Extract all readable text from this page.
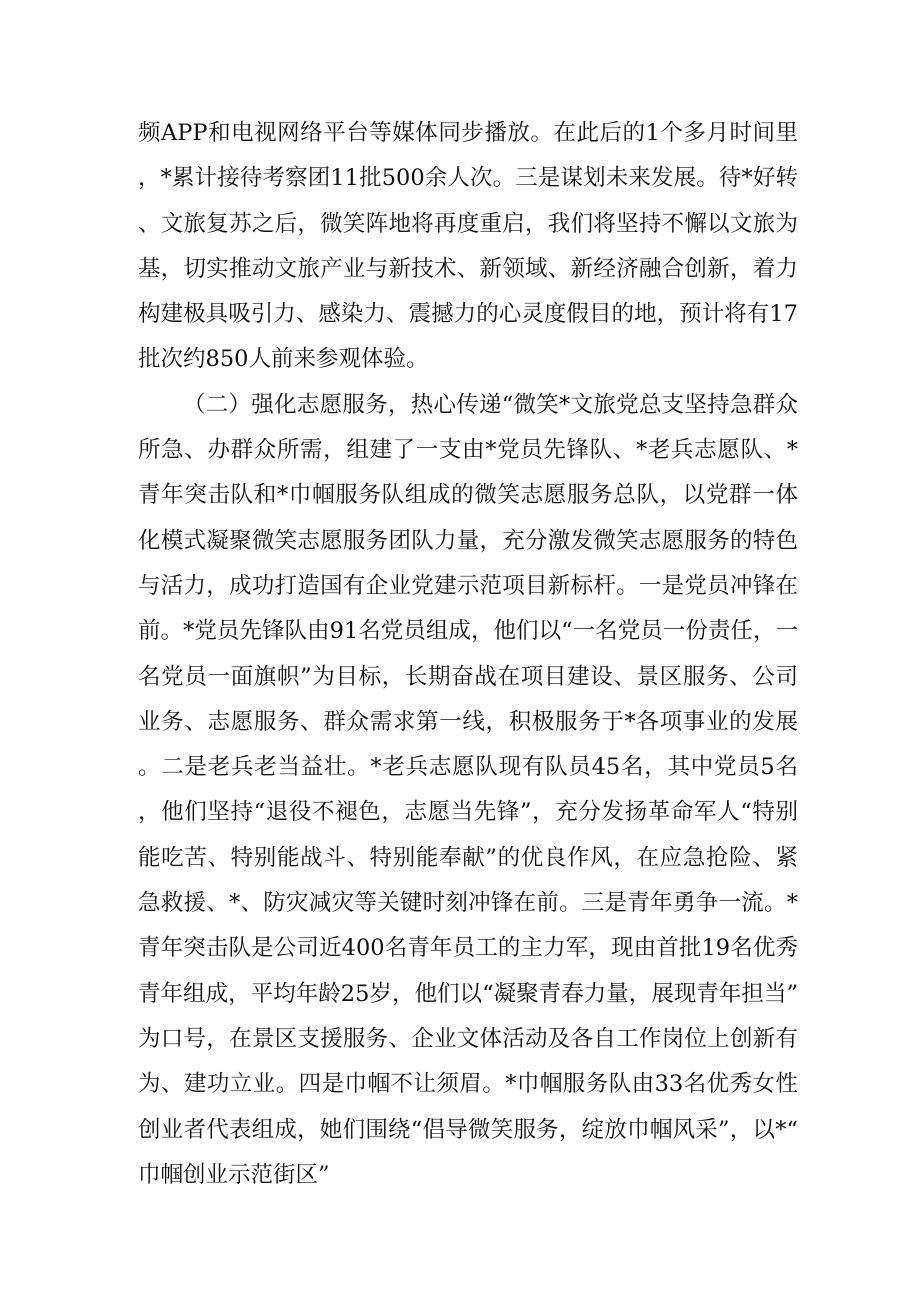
频APP和电视网络平台等媒体同步播放。在此后的1个多月时间里，*累计接待考察团11批500余人次。三是谋划未来发展。待*好转、文旅复苏之后，微笑阵地将再度重启，我们将坚持不懈以文旅为基，切实推动文旅产业与新技术、新领域、新经济融合创新，着力构建极具吸引力、感染力、震撼力的心灵度假目的地，预计将有17批次约850人前来参观体验。

（二）强化志愿服务，热心传递“微笑*文旅党总支坚持急群众所急、办群众所需，组建了一支由*党员先锋队、*老兵志愿队、*青年突击队和*巾帼服务队组成的微笑志愿服务总队，以党群一体化模式凝聚微笑志愿服务团队力量，充分激发微笑志愿服务的特色与活力，成功打造国有企业党建示范项目新标杆。一是党员冲锋在前。*党员先锋队由91名党员组成，他们以“一名党员一份责任，一名党员一面旗帜”为目标，长期奋战在项目建设、景区服务、公司业务、志愿服务、群众需求第一线，积极服务于*各项事业的发展。二是老兵老当益壮。*老兵志愿队现有队员45名，其中党员5名，他们坚持“退役不褪色，志愿当先锋”，充分发扬革命军人“特别能吃苦、特别能战斗、特别能奉献”的优良作风，在应急抢险、紧急救援、*、防灾减灾等关键时刻冲锋在前。三是青年勇争一流。*青年突击队是公司近400名青年员工的主力军，现由首批19名优秀青年组成，平均年龄25岁，他们以“凝聚青春力量，展现青年担当”为口号，在景区支援服务、企业文体活动及各自工作岗位上创新有为、建功立业。四是巾帼不让须眉。*巾帼服务队由33名优秀女性创业者代表组成，她们围绕“倡导微笑服务，绽放巾帼风采”，以*“巾帼创业示范街区”
